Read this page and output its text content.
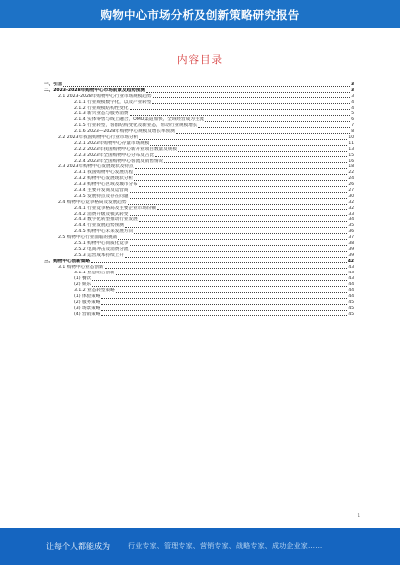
购物中心市场分析及创新策略研究报告
内容目录
一、引言	3
二、2023-2028年购物中心市场前景及趋势预测	3
2.1 2023-2028年购物中心行业市场规模趋势	3
2.1.1 行业规模数字化，以及产业转型	4
2.1.2 行业规模结构性变化	4
2.1.3 新兴业态与服务消费	5
2.1.4 实体零售与线上融合，OMO渠道加快，全域经营成为主流	6
2.1.5 行业转型，客群结构变化及新业态，带动行业规模增长	7
2.1.6 2023—2028年购物中心规模及增长率预测	8
2.2 2023年我国购物中心行业市场分析	10
2.2.1 2023年购物中心存量市场规模	11
2.2.2 2023年我国购物中心新开业项目数量及规模	13
2.2.3 2023年全国购物中心分布及占比	15
2.2.4 2023年全国购物中心客流及销售情况	16
2.3 2023年购物中心发展现状及特点	18
2.3.1 我国购物中心发展历程	22
2.3.2 购物中心发展现状分析	24
2.3.3 购物中心区域及城市分布	26
2.3.4 主要开发商及运营商	27
2.3.5 发展特点及存在问题	30
2.4 购物中心竞争格局及发展趋势	32
2.4.1 行业竞争格局及主要企业市场份额	32
2.4.2 消费升级及模式转变	33
2.4.3 数字化转型推动行业发展	34
2.4.4 行业发展趋势预测	35
2.4.5 购物中心未来发展方向	36
2.5 购物中心行业面临的挑战	37
2.5.1 购物中心同质化竞争	38
2.5.2 电商冲击及消费分流	39
2.5.3 运营成本持续上升	39
三、购物中心创新策略	42
3.1 购物中心业态创新	43
3.1.1 业态组合创新	43
(1) 餐饮	43
(2) 娱乐	44
3.1.2 业态转型策略	44
(1) 体验策略	44
(2) 服务策略	45
(3) 场景策略	45
(4) 营销策略	45
1
让每个人都能成为	行业专家、管理专家、营销专家、战略专家、成功企业家……
